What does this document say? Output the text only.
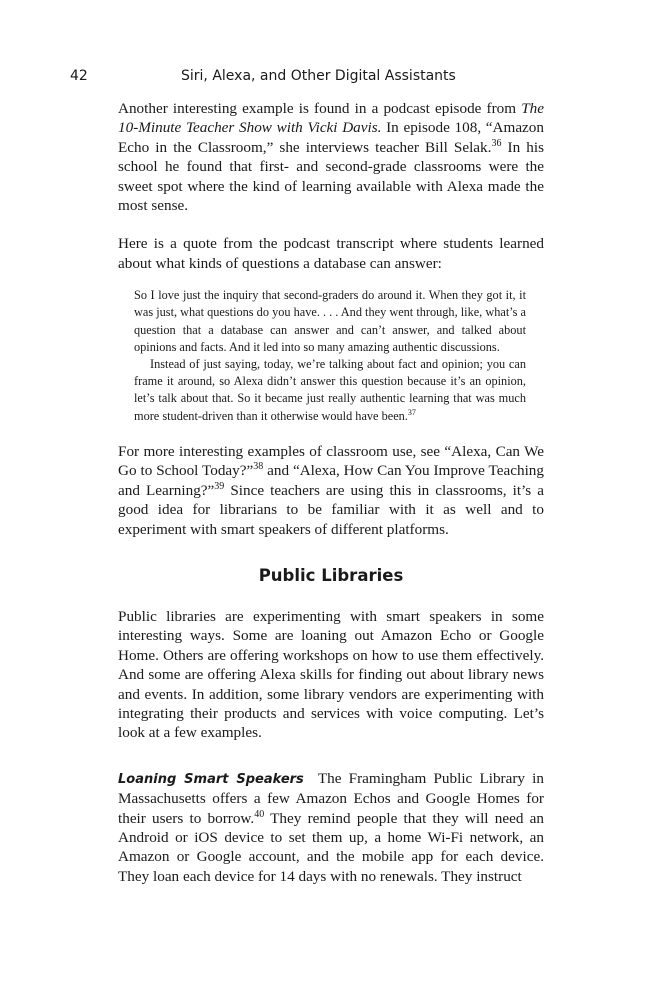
42	Siri, Alexa, and Other Digital Assistants

Another interesting example is found in a podcast episode from The 10-Minute Teacher Show with Vicki Davis. In episode 108, “Amazon Echo in the Classroom,” she interviews teacher Bill Selak.$^{36}$ In his school he found that first- and second-grade classrooms were the sweet spot where the kind of learning available with Alexa made the most sense.

Here is a quote from the podcast transcript where students learned about what kinds of questions a database can answer:

So I love just the inquiry that second-graders do around it. When they got it, it was just, what questions do you have. . . . And they went through, like, what’s a question that a database can answer and can’t answer, and talked about opinions and facts. And it led into so many amazing authentic discussions.

Instead of just saying, today, we’re talking about fact and opinion; you can frame it around, so Alexa didn’t answer this question because it’s an opinion, let’s talk about that. So it became just really authentic learning that was much more student-driven than it otherwise would have been.$^{37}$

For more interesting examples of classroom use, see “Alexa, Can We Go to School Today?”$^{38}$ and “Alexa, How Can You Improve Teaching and Learning?”$^{39}$ Since teachers are using this in classrooms, it’s a good idea for librarians to be familiar with it as well and to experiment with smart speakers of different platforms.

Public Libraries

Public libraries are experimenting with smart speakers in some interesting ways. Some are loaning out Amazon Echo or Google Home. Others are offering workshops on how to use them effectively. And some are offering Alexa skills for finding out about library news and events. In addition, some library vendors are experimenting with integrating their products and services with voice computing. Let’s look at a few examples.

Loaning Smart Speakers  The Framingham Public Library in Massachusetts offers a few Amazon Echos and Google Homes for their users to borrow.$^{40}$ They remind people that they will need an Android or iOS device to set them up, a home Wi-Fi network, an Amazon or Google account, and the mobile app for each device. They loan each device for 14 days with no renewals. They instruct
